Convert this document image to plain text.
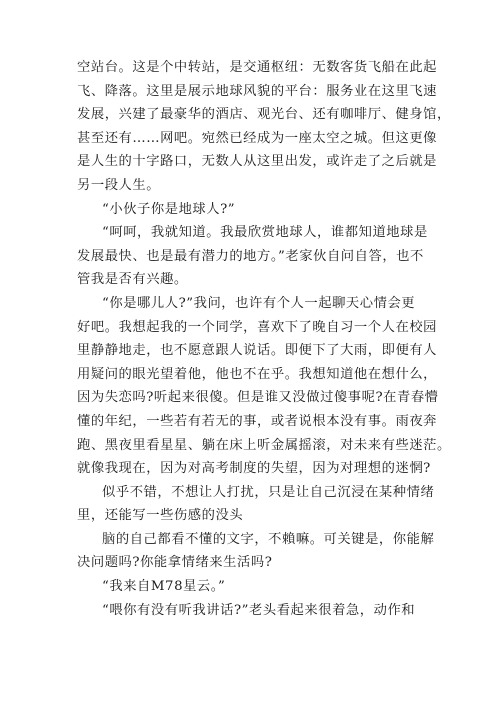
空站台。这是个中转站，是交通枢纽：无数客货飞船在此起
飞、降落。这里是展示地球风貌的平台：服务业在这里飞速
发展，兴建了最豪华的酒店、观光台、还有咖啡厅、健身馆，
甚至还有……网吧。宛然已经成为一座太空之城。但这更像
是人生的十字路口，无数人从这里出发，或许走了之后就是
另一段人生。
“小伙子你是地球人?”
“呵呵，我就知道。我最欣赏地球人，谁都知道地球是
发展最快、也是最有潜力的地方。”老家伙自问自答，也不
管我是否有兴趣。
“你是哪儿人?”我问，也许有个人一起聊天心情会更
好吧。我想起我的一个同学，喜欢下了晚自习一个人在校园
里静静地走，也不愿意跟人说话。即便下了大雨，即便有人
用疑问的眼光望着他，他也不在乎。我想知道他在想什么，
因为失恋吗?听起来很傻。但是谁又没做过傻事呢?在青春懵
懂的年纪，一些若有若无的事，或者说根本没有事。雨夜奔
跑、黑夜里看星星、躺在床上听金属摇滚，对未来有些迷茫。
就像我现在，因为对高考制度的失望，因为对理想的迷惘?
似乎不错，不想让人打扰，只是让自己沉浸在某种情绪
里，还能写一些伤感的没头
脑的自己都看不懂的文字，不賴嘛。可关键是，你能解
决问题吗?你能拿情绪来生活吗?
“我来自M78星云。”
“喂你有没有听我讲话?”老头看起来很着急，动作和
